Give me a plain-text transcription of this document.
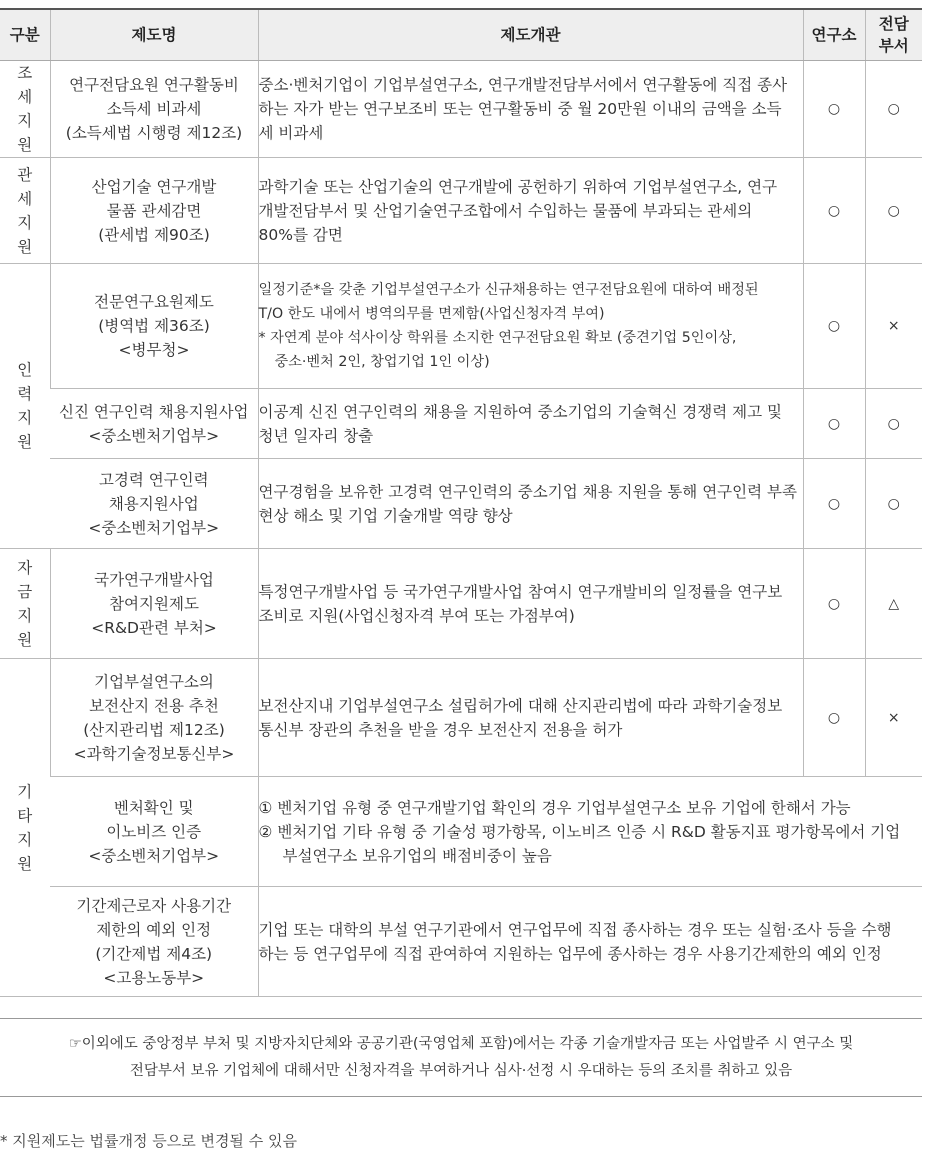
구분	제도명	제도개관	연구소	전담
부서
조세지원	연구전담요원 연구활동비
소득세 비과세
(소득세법 시행령 제12조)	중소·벤처기업이 기업부설연구소, 연구개발전담부서에서 연구활동에 직접 종사
하는 자가 받는 연구보조비 또는 연구활동비 중 월 20만원 이내의 금액을 소득
세 비과세	○	○
관세지원	산업기술 연구개발
물품 관세감면
(관세법 제90조)	과학기술 또는 산업기술의 연구개발에 공헌하기 위하여 기업부설연구소, 연구
개발전담부서 및 산업기술연구조합에서 수입하는 물품에 부과되는 관세의
80%를 감면	○	○
인력지원	전문연구요원제도
(병역법 제36조)
<병무청>	일정기준*을 갖춘 기업부설연구소가 신규채용하는 연구전담요원에 대하여 배정된
T/O 한도 내에서 병역의무를 면제함(사업신청자격 부여)
* 자연계 분야 석사이상 학위를 소지한 연구전담요원 확보 (중견기업 5인이상,
중소·벤처 2인, 창업기업 1인 이상)	○	×
	신진 연구인력 채용지원사업
<중소벤처기업부>	이공계 신진 연구인력의 채용을 지원하여 중소기업의 기술혁신 경쟁력 제고 및
청년 일자리 창출	○	○
	고경력 연구인력
채용지원사업
<중소벤처기업부>	연구경험을 보유한 고경력 연구인력의 중소기업 채용 지원을 통해 연구인력 부족
현상 해소 및 기업 기술개발 역량 향상	○	○
자금지원	국가연구개발사업
참여지원제도
<R&D관련 부처>	특정연구개발사업 등 국가연구개발사업 참여시 연구개발비의 일정률을 연구보
조비로 지원(사업신청자격 부여 또는 가점부여)	○	△
기타지원	기업부설연구소의
보전산지 전용 추천
(산지관리법 제12조)
<과학기술정보통신부>	보전산지내 기업부설연구소 설립허가에 대해 산지관리법에 따라 과학기술정보
통신부 장관의 추천을 받을 경우 보전산지 전용을 허가	○	×
	벤처확인 및
이노비즈 인증
<중소벤처기업부>	① 벤처기업 유형 중 연구개발기업 확인의 경우 기업부설연구소 보유 기업에 한해서 가능
② 벤처기업 기타 유형 중 기술성 평가항목, 이노비즈 인증 시 R&D 활동지표 평가항목에서 기업
부설연구소 보유기업의 배점비중이 높음		

	기간제근로자 사용기간
제한의 예외 인정
(기간제법 제4조)
<고용노동부>	기업 또는 대학의 부설 연구기관에서 연구업무에 직접 종사하는 경우 또는 실험·조사 등을 수행
하는 등 연구업무에 직접 관여하여 지원하는 업무에 종사하는 경우 사용기간제한의 예외 인정		
☞이외에도 중앙정부 부처 및 지방자치단체와 공공기관(국영업체 포함)에서는 각종 기술개발자금 또는 사업발주 시 연구소 및
전담부서 보유 기업체에 대해서만 신청자격을 부여하거나 심사·선정 시 우대하는 등의 조치를 취하고 있음
* 지원제도는 법률개정 등으로 변경될 수 있음
